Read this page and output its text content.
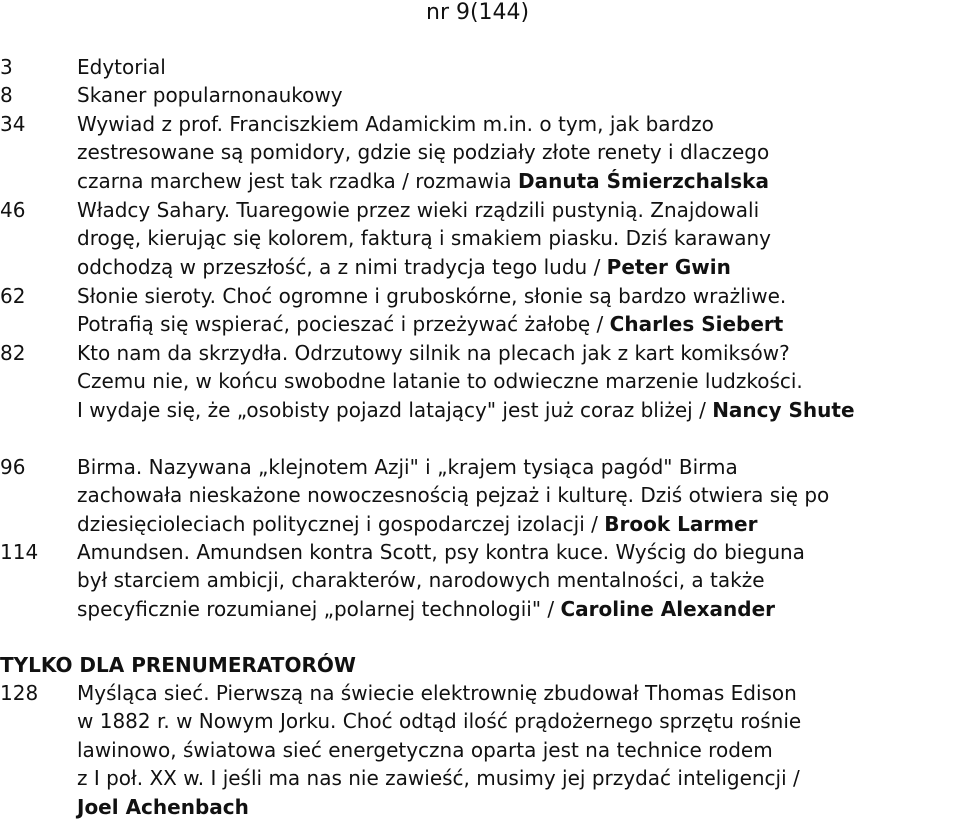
nr 9(144)
3	Edytorial
8	Skaner popularnonaukowy
34	Wywiad z prof. Franciszkiem Adamickim m.in. o tym, jak bardzo
zestresowane są pomidory, gdzie się podziały złote renety i dlaczego
czarna marchew jest tak rzadka / rozmawia Danuta Śmierzchalska
46	Władcy Sahary. Tuaregowie przez wieki rządzili pustynią. Znajdowali
drogę, kierując się kolorem, fakturą i smakiem piasku. Dziś karawany
odchodzą w przeszłość, a z nimi tradycja tego ludu / Peter Gwin
62	Słonie sieroty. Choć ogromne i gruboskórne, słonie są bardzo wrażliwe.
Potrafią się wspierać, pocieszać i przeżywać żałobę / Charles Siebert
82	Kto nam da skrzydła. Odrzutowy silnik na plecach jak z kart komiksów?
Czemu nie, w końcu swobodne latanie to odwieczne marzenie ludzkości.
I wydaje się, że „osobisty pojazd latający" jest już coraz bliżej / Nancy Shute
96	Birma. Nazywana „klejnotem Azji" i „krajem tysiąca pagód" Birma
zachowała nieskażone nowoczesnością pejzaż i kulturę. Dziś otwiera się po
dziesięcioleciach politycznej i gospodarczej izolacji / Brook Larmer
114 Amundsen. Amundsen kontra Scott, psy kontra kuce. Wyścig do bieguna
był starciem ambicji, charakterów, narodowych mentalności, a także
specyficznie rozumianej „polarnej technologii" / Caroline Alexander
TYLKO DLA PRENUMERATORÓW
128 Myśląca sieć. Pierwszą na świecie elektrownię zbudował Thomas Edison
w 1882 r. w Nowym Jorku. Choć odtąd ilość prądożernego sprzętu rośnie
lawinowo, światowa sieć energetyczna oparta jest na technice rodem
z I poł. XX w. I jeśli ma nas nie zawieść, musimy jej przydać inteligencji /
Joel Achenbach
